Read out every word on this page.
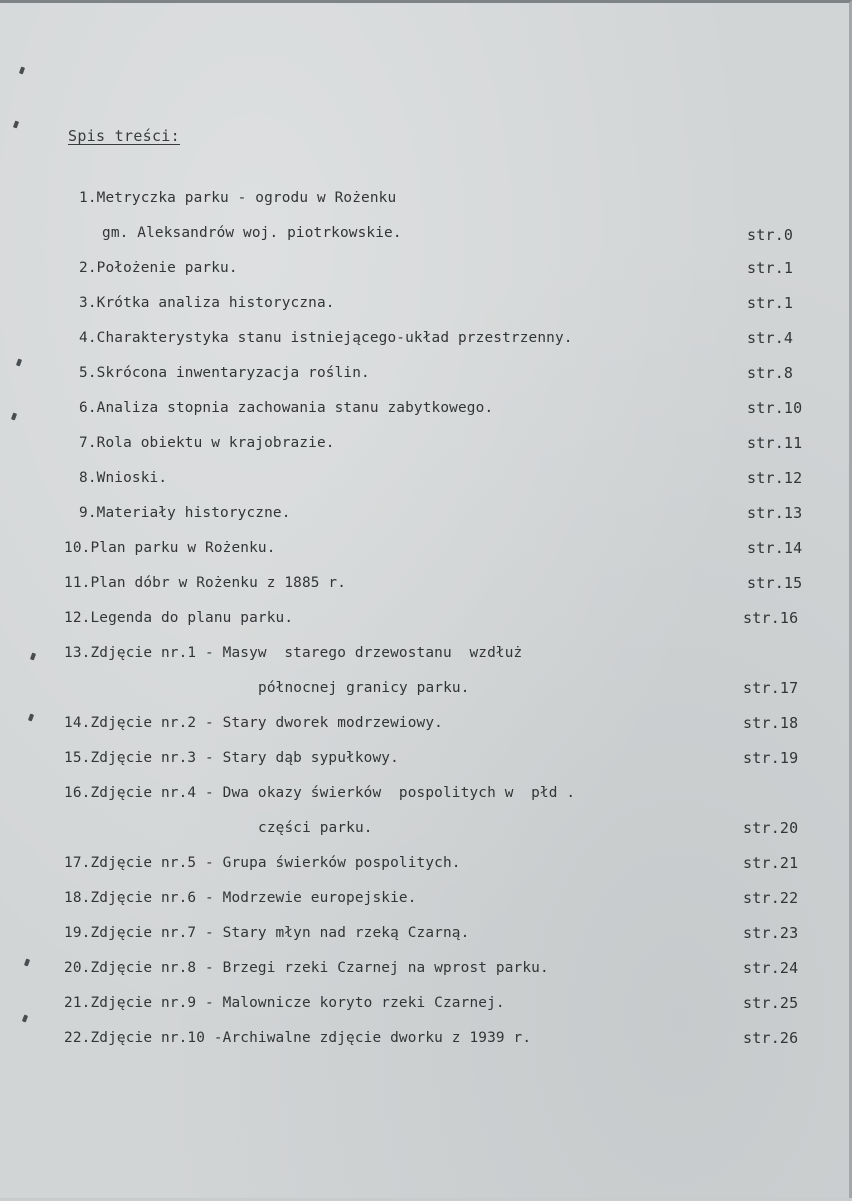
Spis treści:
1.Metryczka parku - ogrodu w Rożenku
gm. Aleksandrów woj. piotrkowskie.	str.0
2.Położenie parku.	str.1
3.Krótka analiza historyczna.	str.1
4.Charakterystyka stanu istniejącego-układ przestrzenny.	str.4
5.Skrócona inwentaryzacja roślin.	str.8
6.Analiza stopnia zachowania stanu zabytkowego.	str.10
7.Rola obiektu w krajobrazie.	str.11
8.Wnioski.	str.12
9.Materiały historyczne.	str.13
10.Plan parku w Rożenku.	str.14
11.Plan dóbr w Rożenku z 1885 r.	str.15
12.Legenda do planu parku.	str.16
13.Zdjęcie nr.1 - Masyw  starego drzewostanu  wzdłuż
północnej granicy parku.	str.17
14.Zdjęcie nr.2 - Stary dworek modrzewiowy.	str.18
15.Zdjęcie nr.3 - Stary dąb sypułkowy.	str.19
16.Zdjęcie nr.4 - Dwa okazy świerków  pospolitych w  płd .
części parku.	str.20
17.Zdjęcie nr.5 - Grupa świerków pospolitych.	str.21
18.Zdjęcie nr.6 - Modrzewie europejskie.	str.22
19.Zdjęcie nr.7 - Stary młyn nad rzeką Czarną.	str.23
20.Zdjęcie nr.8 - Brzegi rzeki Czarnej na wprost parku.	str.24
21.Zdjęcie nr.9 - Malownicze koryto rzeki Czarnej.	str.25
22.Zdjęcie nr.10 -Archiwalne zdjęcie dworku z 1939 r.	str.26
